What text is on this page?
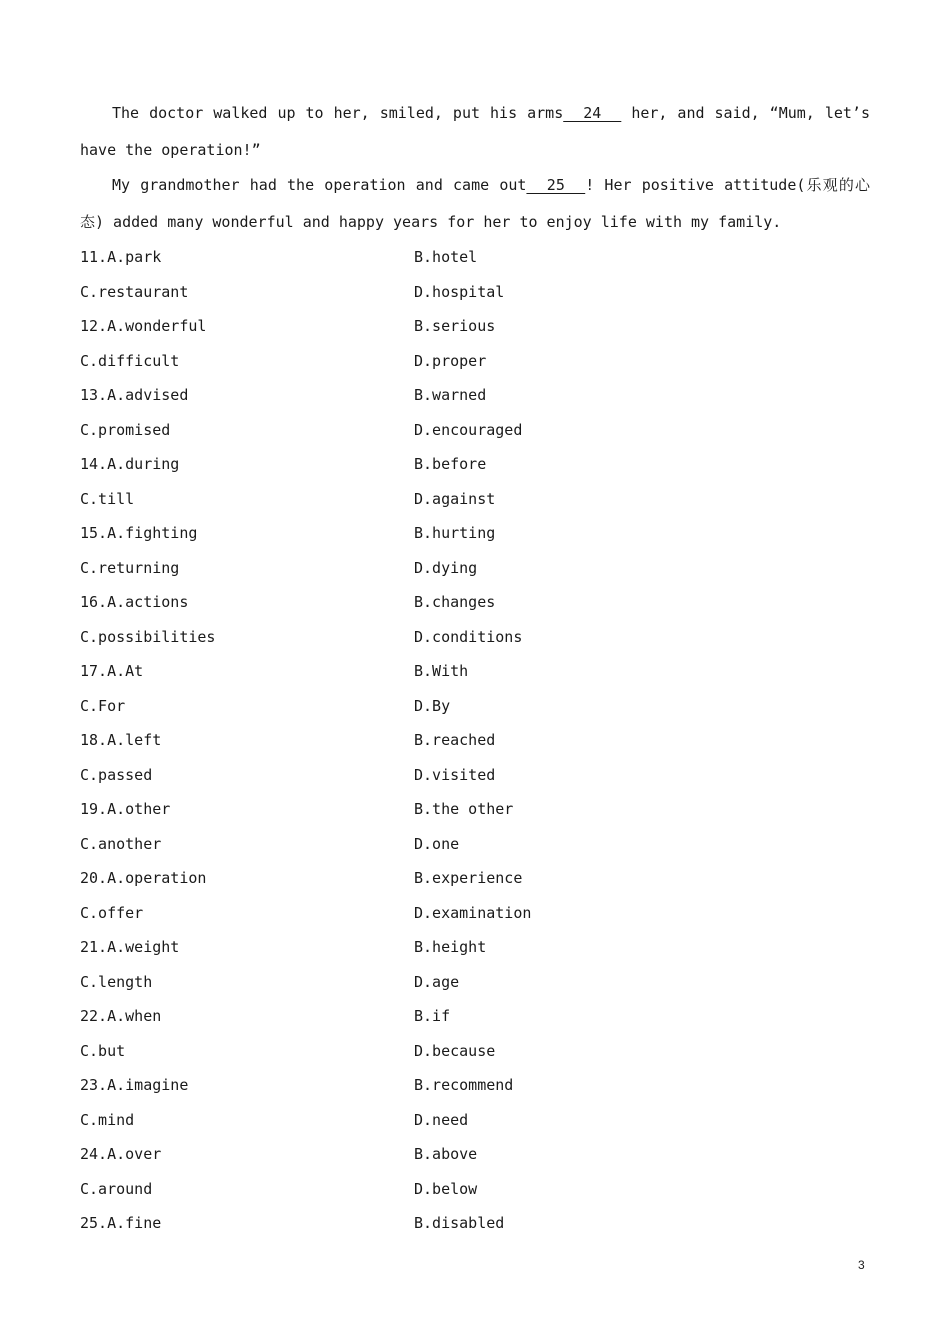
The doctor walked up to her, smiled, put his arms  24   her, and said, “Mum, let’s have the operation!”
My grandmother had the operation and came out  25  ! Her positive attitude(乐观的心态) added many wonderful and happy years for her to enjoy life with my family.
11.A.park	B.hotel
C.restaurant	D.hospital
12.A.wonderful	B.serious
C.difficult	D.proper
13.A.advised	B.warned
C.promised	D.encouraged
14.A.during	B.before
C.till	D.against
15.A.fighting	B.hurting
C.returning	D.dying
16.A.actions	B.changes
C.possibilities	D.conditions
17.A.At	B.With
C.For	D.By
18.A.left	B.reached
C.passed	D.visited
19.A.other	B.the other
C.another	D.one
20.A.operation	B.experience
C.offer	D.examination
21.A.weight	B.height
C.length	D.age
22.A.when	B.if
C.but	D.because
23.A.imagine	B.recommend
C.mind	D.need
24.A.over	B.above
C.around	D.below
25.A.fine	B.disabled
3
